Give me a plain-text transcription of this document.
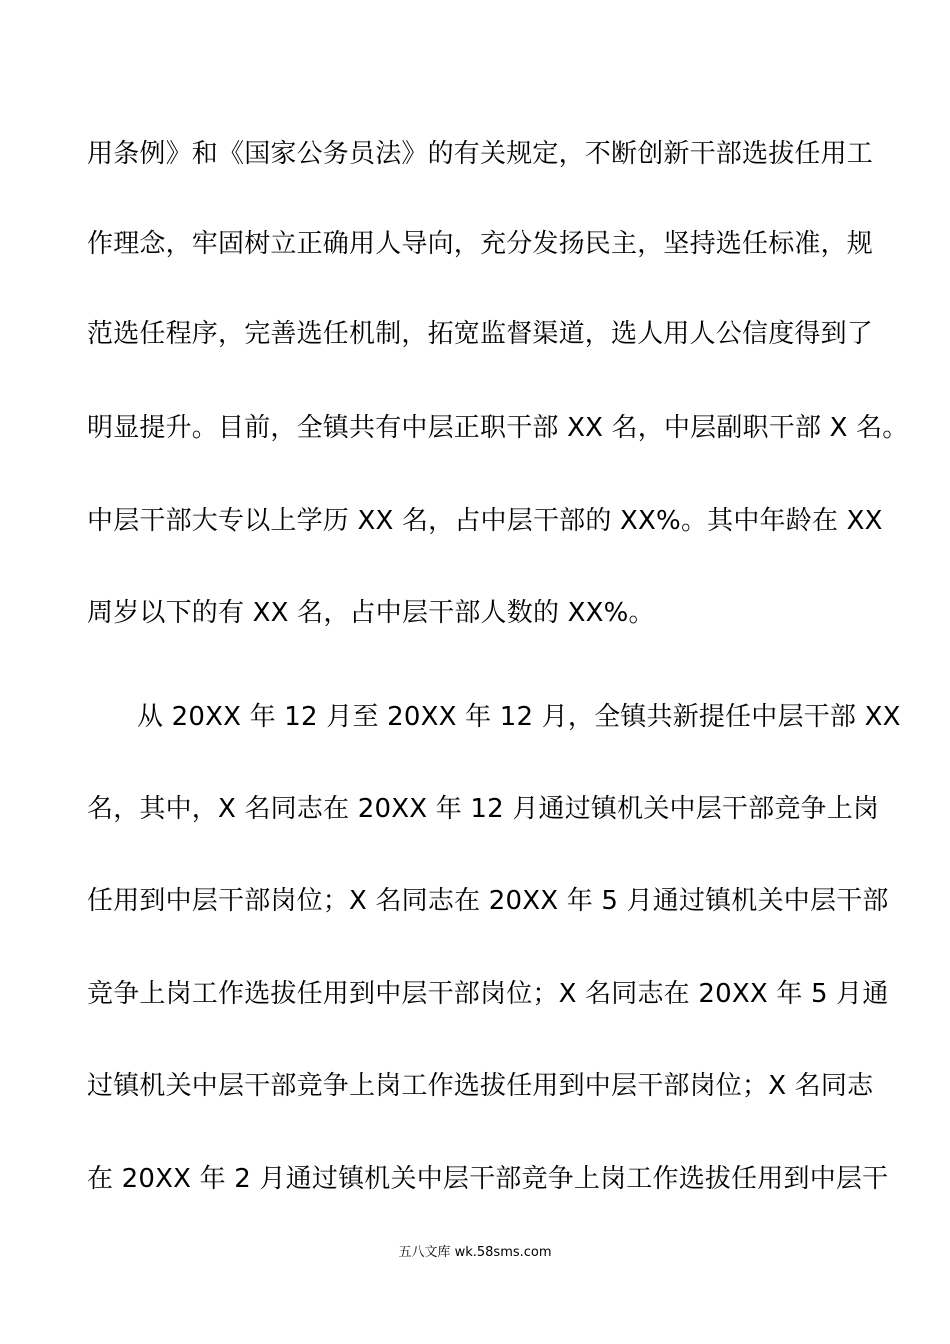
用条例》和《国家公务员法》的有关规定，不断创新干部选拔任用工
作理念，牢固树立正确用人导向，充分发扬民主，坚持选任标准，规
范选任程序，完善选任机制，拓宽监督渠道，选人用人公信度得到了
明显提升。目前，全镇共有中层正职干部 XX 名，中层副职干部 X 名。
中层干部大专以上学历 XX 名，占中层干部的 XX%。其中年龄在 XX
周岁以下的有 XX 名，占中层干部人数的 XX%。
从 20XX 年 12 月至 20XX 年 12 月，全镇共新提任中层干部 XX
名，其中，X 名同志在 20XX 年 12 月通过镇机关中层干部竞争上岗
任用到中层干部岗位；X 名同志在 20XX 年 5 月通过镇机关中层干部
竞争上岗工作选拔任用到中层干部岗位；X 名同志在 20XX 年 5 月通
过镇机关中层干部竞争上岗工作选拔任用到中层干部岗位；X 名同志
在 20XX 年 2 月通过镇机关中层干部竞争上岗工作选拔任用到中层干
五八文库 wk.58sms.com
